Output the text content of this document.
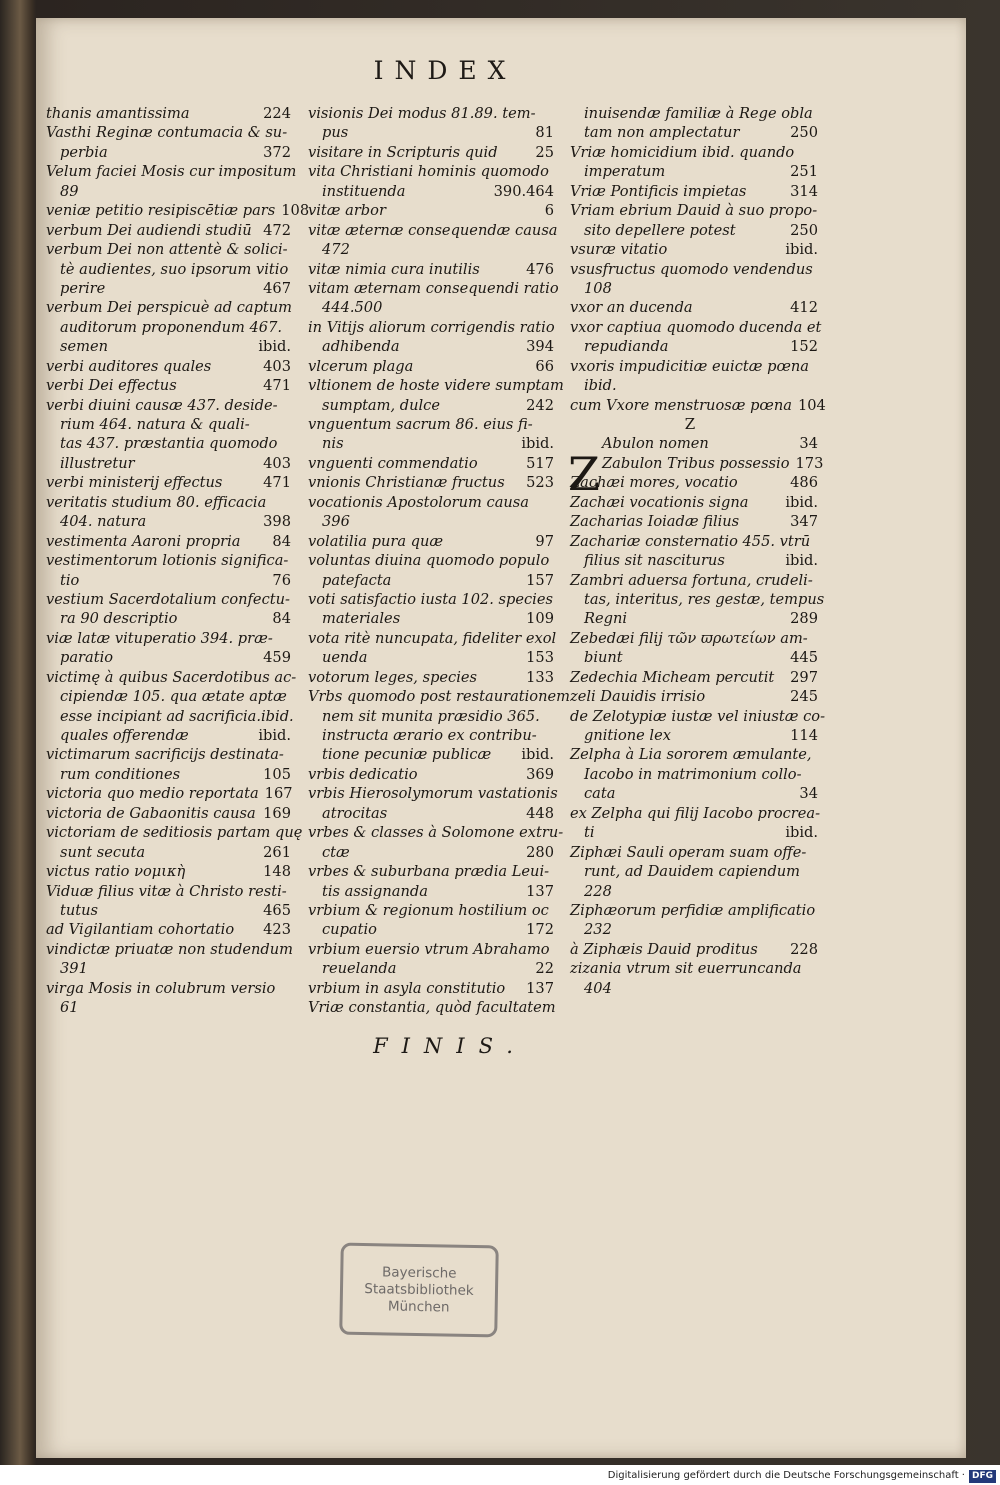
INDEX
thanis amantissima	224
Vasthi Reginæ contumacia & su-
perbia	372
Velum faciei Mosis cur impositum
89
veniæ petitio resipiscētiæ pars 108
verbum Dei audiendi studiū 472
verbum Dei non attentè & solici-
tè audientes, suo ipsorum vitio
perire	467
verbum Dei perspicuè ad captum
auditorum proponendum 467.
semen	ibid.
verbi auditores quales	403
verbi Dei effectus	471
verbi diuini causæ 437. deside-
rium 464. natura & quali-
tas 437. præstantia quomodo
illustretur	403
verbi ministerij effectus	471
veritatis studium 80. efficacia
404. natura	398
vestimenta Aaroni propria	84
vestimentorum lotionis significa-
tio	76
vestium Sacerdotalium confectu-
ra 90 descriptio	84
viæ latæ vituperatio 394. præ-
paratio	459
victimę à quibus Sacerdotibus ac-
cipiendæ 105. qua ætate aptæ
esse incipiant ad sacrificia.ibid.
quales offerendæ	ibid.
victimarum sacrificijs destinata-
rum conditiones	105
victoria quo medio reportata 167
victoria de Gabaonitis causa 169
victoriam de seditiosis partam quę
sunt secuta	261
victus ratio νομικὴ	148
Viduæ filius vitæ à Christo resti-
tutus	465
ad Vigilantiam cohortatio	423
vindictæ priuatæ non studendum
391
virga Mosis in colubrum versio
61
visionis Dei modus 81.89. tem-
pus	81
visitare in Scripturis quid	25
vita Christiani hominis quomodo
instituenda	390.464
vitæ arbor	6
vitæ æternæ consequendæ causa
472
vitæ nimia cura inutilis	476
vitam æternam consequendi ratio
444.500
in Vitijs aliorum corrigendis ratio
adhibenda	394
vlcerum plaga	66
vltionem de hoste videre sumptam
sumptam, dulce	242
vnguentum sacrum 86. eius fi-
nis	ibid.
vnguenti commendatio	517
vnionis Christianæ fructus	523
vocationis Apostolorum causa
396
volatilia pura quæ	97
voluntas diuina quomodo populo
patefacta	157
voti satisfactio iusta 102. species
materiales	109
vota ritè nuncupata, fideliter exol
uenda	153
votorum leges, species	133
Vrbs quomodo post restaurationem
nem sit munita præsidio 365.
instructa ærario ex contribu-
tione pecuniæ publicæ	ibid.
vrbis dedicatio	369
vrbis Hierosolymorum vastationis
atrocitas	448
vrbes & classes à Solomone extru-
ctæ	280
vrbes & suburbana prædia Leui-
tis assignanda	137
vrbium & regionum hostilium oc
cupatio	172
vrbium euersio vtrum Abrahamo
reuelanda	22
vrbium in asyla constitutio	137
Vriæ constantia, quòd facultatem
inuisendæ familiæ à Rege obla
tam non amplectatur	250
Vriæ homicidium ibid. quando
imperatum	251
Vriæ Pontificis impietas	314
Vriam ebrium Dauid à suo propo-
sito depellere potest	250
vsuræ vitatio	ibid.
vsusfructus quomodo vendendus
108
vxor an ducenda	412
vxor captiua quomodo ducenda et
repudianda	152
vxoris impudicitiæ euictæ pœna
ibid.
cum Vxore menstruosæ pœna 104
Z
Abulon nomen	34
Zabulon Tribus possessio 173
Zachæi mores, vocatio	486
Zachæi vocationis signa	ibid.
Zacharias Ioiadæ filius	347
Zachariæ consternatio 455. vtrū
filius sit nasciturus	ibid.
Zambri aduersa fortuna, crudeli-
tas, interitus, res gestæ, tempus
Regni	289
Zebedæi filij τῶν ϖρωτείων am-
biunt	445
Zedechia Micheam percutit	297
zeli Dauidis irrisio	245
de Zelotypiæ iustæ vel iniustæ co-
gnitione lex	114
Zelpha à Lia sororem æmulante,
Iacobo in matrimonium collo-
cata	34
ex Zelpha qui filij Iacobo procrea-
ti	ibid.
Ziphæi Sauli operam suam offe-
runt, ad Dauidem capiendum
228
Ziphæorum perfidiæ amplificatio
232
à Ziphæis Dauid proditus	228
zizania vtrum sit euerruncanda
404
Z
FINIS.
Bayerische
Staatsbibliothek
München
Digitalisierung gefördert durch die Deutsche Forschungsgemeinschaft · DFG
